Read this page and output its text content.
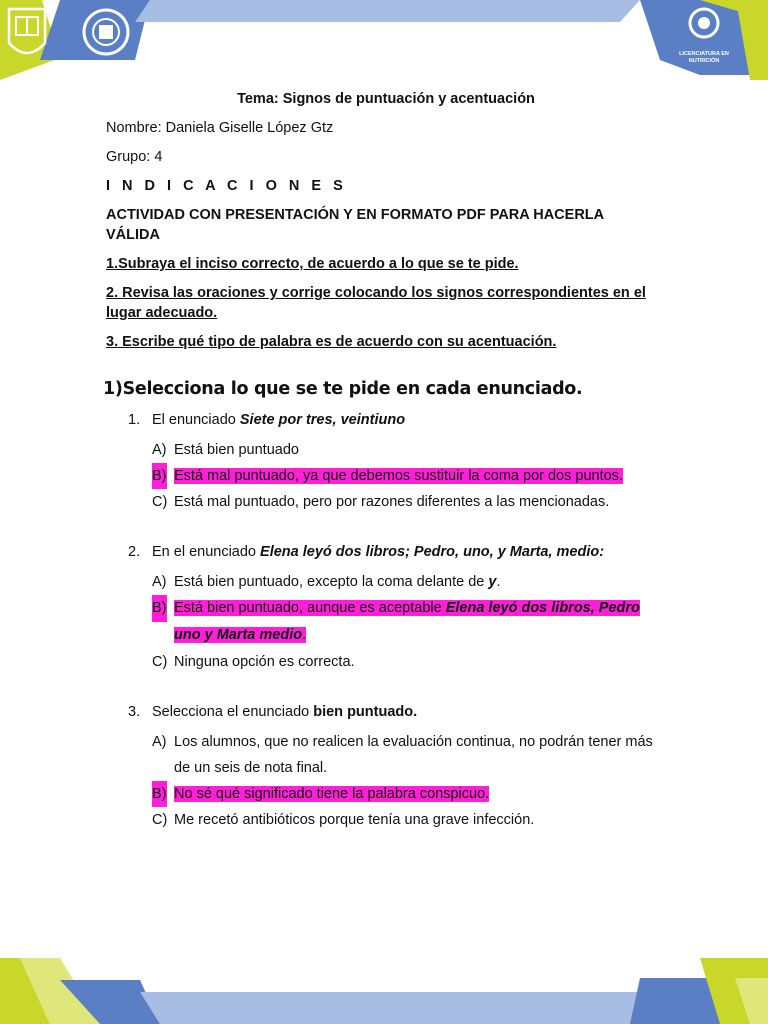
LICENCIATURA EN NUTRICIÓN
Tema: Signos de puntuación y acentuación
Nombre: Daniela Giselle López Gtz
Grupo: 4
I N D I C A C I O N E S
ACTIVIDAD CON PRESENTACIÓN Y EN FORMATO PDF PARA HACERLA VÁLIDA
1.Subraya el inciso correcto, de acuerdo a lo que se te pide.
2. Revisa las oraciones y corrige colocando los signos correspondientes en el lugar adecuado.
3. Escribe qué tipo de palabra es de acuerdo con su acentuación.
1)Selecciona lo que se te pide en cada enunciado.
1. El enunciado Siete por tres, veintiuno
A) Está bien puntuado
B) Está mal puntuado, ya que debemos sustituir la coma por dos puntos.
C) Está mal puntuado, pero por razones diferentes a las mencionadas.
2. En el enunciado Elena leyó dos libros; Pedro, uno, y Marta, medio:
A) Está bien puntuado, excepto la coma delante de y.
B) Está bien puntuado, aunque es aceptable Elena leyó dos libros, Pedro uno y Marta medio.
C) Ninguna opción es correcta.
3. Selecciona el enunciado bien puntuado.
A) Los alumnos, que no realicen la evaluación continua, no podrán tener más de un seis de nota final.
B) No sé qué significado tiene la palabra conspicuo.
C) Me recetó antibióticos porque tenía una grave infección.
